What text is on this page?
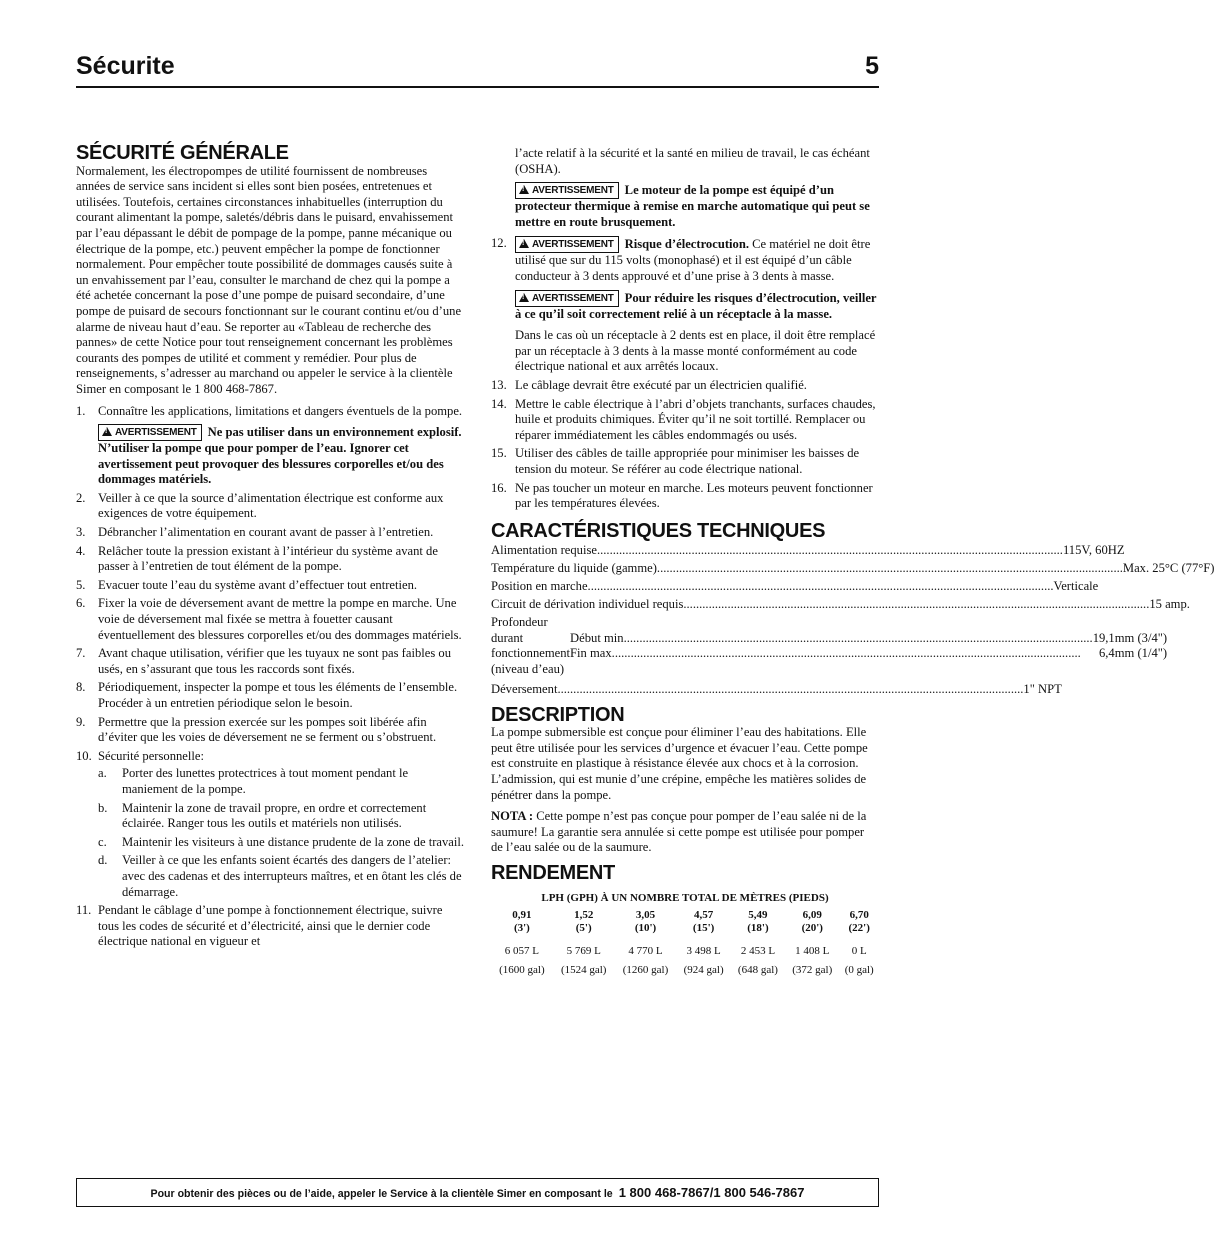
Sécurite	5
SÉCURITÉ GÉNÉRALE

Normalement, les électropompes de utilité fournissent de nombreuses années de service sans incident si elles sont bien posées, entretenues et utilisées. Toutefois, certaines circonstances inhabituelles (interruption du courant alimentant la pompe, saletés/débris dans le puisard, envahissement par l’eau dépassant le débit de pompage de la pompe, panne mécanique ou électrique de la pompe, etc.) peuvent empêcher la pompe de fonctionner normalement. Pour empêcher toute possibilité de dommages causés suite à un envahissement par l’eau, consulter le marchand de chez qui la pompe a été achetée concernant la pose d’une pompe de puisard secondaire, d’une pompe de puisard de secours fonctionnant sur le courant continu et/ou d’une alarme de niveau haut d’eau. Se reporter au «Tableau de recherche des pannes» de cette Notice pour tout renseignement concernant les problèmes courants des pompes de utilité et comment y remédier. Pour plus de renseignements, s’adresser au marchand ou appeler le service à la clientèle Simer en composant le 1 800 468-7867.

1. Connaître les applications, limitations et dangers éventuels de la pompe.
! AVERTISSEMENT Ne pas utiliser dans un environnement explosif. N’utiliser la pompe que pour pomper de l’eau. Ignorer cet avertissement peut provoquer des blessures corporelles et/ou des dommages matériels.
2. Veiller à ce que la source d’alimentation électrique est conforme aux exigences de votre équipement.
3. Débrancher l’alimentation en courant avant de passer à l’entretien.
4. Relâcher toute la pression existant à l’intérieur du système avant de passer à l’entretien de tout élément de la pompe.
5. Evacuer toute l’eau du système avant d’effectuer tout entretien.
6. Fixer la voie de déversement avant de mettre la pompe en marche. Une voie de déversement mal fixée se mettra à fouetter causant éventuellement des blessures corporelles et/ou des dommages matériels.
7. Avant chaque utilisation, vérifier que les tuyaux ne sont pas faibles ou usés, en s’assurant que tous les raccords sont fixés.
8. Périodiquement, inspecter la pompe et tous les éléments de l’ensemble. Procéder à un entretien périodique selon le besoin.
9. Permettre que la pression exercée sur les pompes soit libérée afin d’éviter que les voies de déversement ne se ferment ou s’obstruent.
10. Sécurité personnelle:
a. Porter des lunettes protectrices à tout moment pendant le maniement de la pompe.
b. Maintenir la zone de travail propre, en ordre et correctement éclairée. Ranger tous les outils et matériels non utilisés.
c. Maintenir les visiteurs à une distance prudente de la zone de travail.
d. Veiller à ce que les enfants soient écartés des dangers de l’atelier: avec des cadenas et des interrupteurs maîtres, et en ôtant les clés de démarrage.
11. Pendant le câblage d’une pompe à fonctionnement électrique, suivre tous les codes de sécurité et d’électricité, ainsi que le dernier code électrique national en vigueur et

l’acte relatif à la sécurité et la santé en milieu de travail, le cas échéant (OSHA).

! AVERTISSEMENT Le moteur de la pompe est équipé d’un protecteur thermique à remise en marche automatique qui peut se mettre en route brusquement.
12. ! AVERTISSEMENT Risque d’électrocution. Ce matériel ne doit être utilisé que sur du 115 volts (monophasé) et il est équipé d’un câble conducteur à 3 dents approuvé et d’une prise à 3 dents à masse.
! AVERTISSEMENT Pour réduire les risques d’électrocution, veiller à ce qu’il soit correctement relié à un réceptacle à la masse.
Dans le cas où un réceptacle à 2 dents est en place, il doit être remplacé par un réceptacle à 3 dents à la masse monté conformément au code électrique national et aux arrêtés locaux.
13. Le câblage devrait être exécuté par un électricien qualifié.
14. Mettre le cable électrique à l’abri d’objets tranchants, surfaces chaudes, huile et produits chimiques. Éviter qu’il ne soit tortillé. Remplacer ou réparer immédiatement les câbles endommagés ou usés.
15. Utiliser des câbles de taille appropriée pour minimiser les baisses de tension du moteur. Se référer au code électrique national.
16. Ne pas toucher un moteur en marche. Les moteurs peuvent fonctionner par les températures élevées.
CARACTÉRISTIQUES TECHNIQUES
Alimentation requise .....	115V, 60HZ
Température du liquide (gamme) .....	Max. 25°C (77°F)
Position en marche .....	Verticale
Circuit de dérivation individuel requis .....	15 amp.
Profondeur durant
fonctionnement
(niveau d’eau)
Début min. .....	19,1mm (3/4")
Fin max. .....	6,4mm (1/4")
Déversement .....	1" NPT
DESCRIPTION

La pompe submersible est conçue pour éliminer l’eau des habitations. Elle peut être utilisée pour les services d’urgence et évacuer l’eau. Cette pompe est construite en plastique à résistance élevée aux chocs et à la corrosion. L’admission, qui est munie d’une crépine, empêche les matières solides de pénétrer dans la pompe.

NOTA : Cette pompe n’est pas conçue pour pomper de l’eau salée ni de la saumure! La garantie sera annulée si cette pompe est utilisée pour pomper de l’eau salée ou de la saumure.

RENDEMENT
LPH (GPH) À UN NOMBRE TOTAL DE MÈTRES (PIEDS)						
0,91	1,52	3,05	4,57	5,49	6,09	6,70
(3')	(5')	(10')	(15')	(18')	(20')	(22')
6 057 L	5 769 L	4 770 L	3 498 L	2 453 L	1 408 L	0 L
(1600 gal)	(1524 gal)	(1260 gal)	(924 gal)	(648 gal)	(372 gal)	(0 gal)
Pour obtenir des pièces ou de l’aide, appeler le Service à la clientèle Simer en composant le 1 800 468-7867/1 800 546-7867
